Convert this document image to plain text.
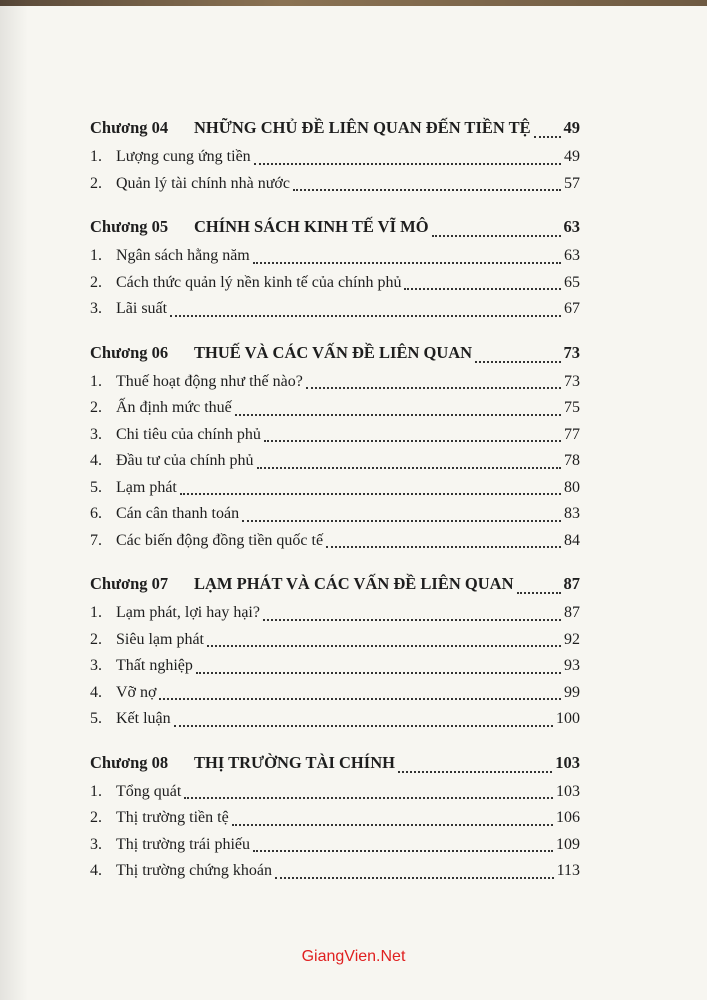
Chương 04	NHỮNG CHỦ ĐỀ LIÊN QUAN ĐẾN TIỀN TỆ 49
1. Lượng cung ứng tiền	49
2. Quản lý tài chính nhà nước	57
Chương 05	CHÍNH SÁCH KINH TẾ VĨ MÔ	63
1. Ngân sách hằng năm	63
2. Cách thức quản lý nền kinh tế của chính phủ	65
3. Lãi suất	67
Chương 06	THUẾ VÀ CÁC VẤN ĐỀ LIÊN QUAN	73
1. Thuế hoạt động như thế nào?	73
2. Ấn định mức thuế	75
3. Chi tiêu của chính phủ	77
4. Đầu tư của chính phủ	78
5. Lạm phát	80
6. Cán cân thanh toán	83
7. Các biến động đồng tiền quốc tế	84
Chương 07	LẠM PHÁT VÀ CÁC VẤN ĐỀ LIÊN QUAN	87
1. Lạm phát, lợi hay hại?	87
2. Siêu lạm phát	92
3. Thất nghiệp	93
4. Vỡ nợ	99
5. Kết luận	100
Chương 08	THỊ TRƯỜNG TÀI CHÍNH	103
1. Tổng quát	103
2. Thị trường tiền tệ	106
3. Thị trường trái phiếu	109
4. Thị trường chứng khoán	113
GiangVien.Net
